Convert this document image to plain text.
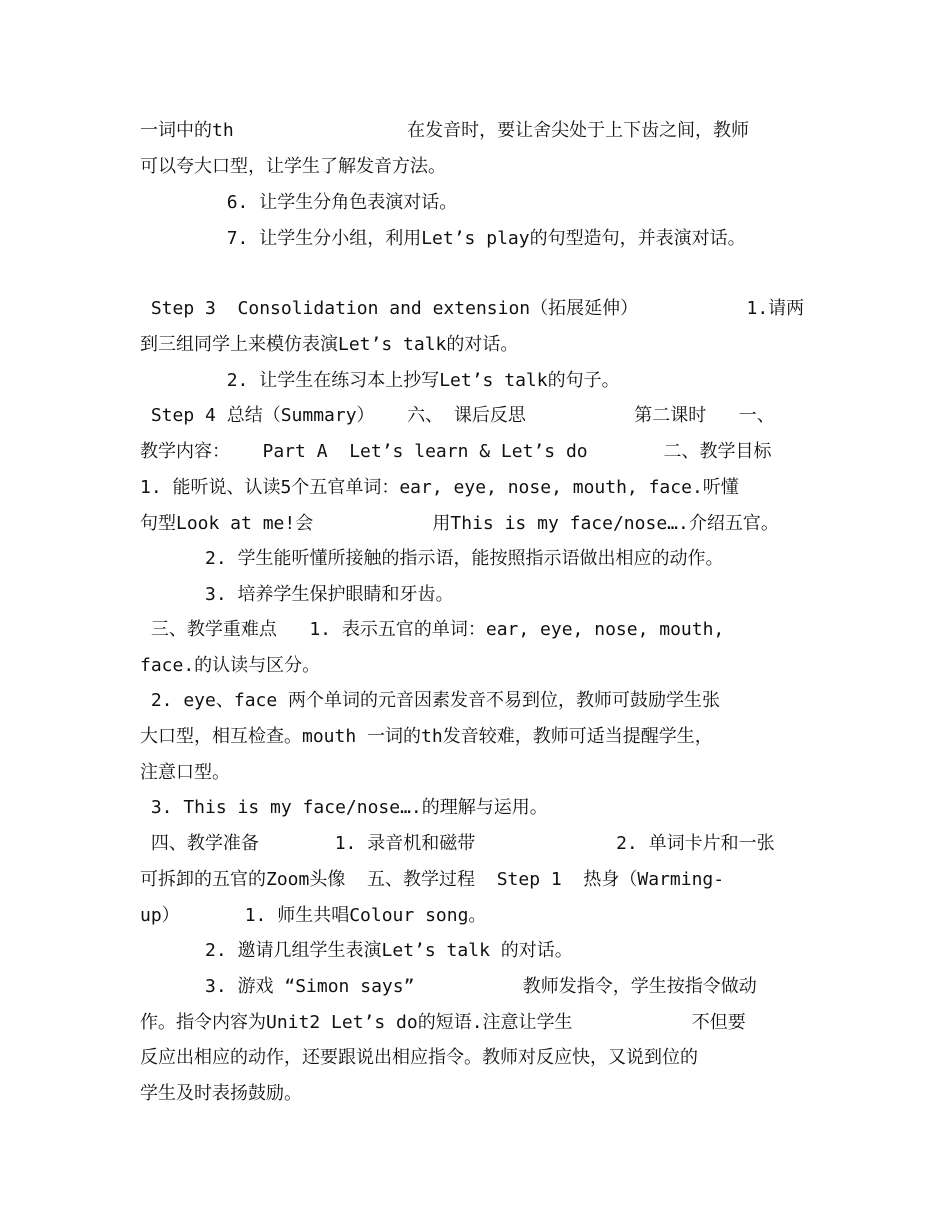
一词中的th                在发音时，要让舍尖处于上下齿之间，教师
可以夸大口型，让学生了解发音方法。
6. 让学生分角色表演对话。
7. 让学生分小组，利用Let’s play的句型造句，并表演对话。
Step 3  Consolidation and extension（拓展延伸）          1.请两
到三组同学上来模仿表演Let’s talk的对话。
2. 让学生在练习本上抄写Let’s talk的句子。
Step 4 总结（Summary）   六、 课后反思          第二课时   一、
教学内容：   Part A  Let’s learn & Let’s do       二、教学目标
1. 能听说、认读5个五官单词：ear, eye, nose, mouth, face.听懂
句型Look at me!会           用This is my face/nose….介绍五官。
2. 学生能听懂所接触的指示语，能按照指示语做出相应的动作。
3. 培养学生保护眼睛和牙齿。
三、教学重难点   1. 表示五官的单词：ear, eye, nose, mouth,
face.的认读与区分。
2. eye、face 两个单词的元音因素发音不易到位，教师可鼓励学生张
大口型，相互检查。mouth 一词的th发音较难，教师可适当提醒学生，
注意口型。
3. This is my face/nose….的理解与运用。
四、教学准备       1. 录音机和磁带             2. 单词卡片和一张
可拆卸的五官的Zoom头像  五、教学过程  Step 1  热身（Warming-
up）      1. 师生共唱Colour song。
2. 邀请几组学生表演Let’s talk 的对话。
3. 游戏 “Simon says”          教师发指令，学生按指令做动
作。指令内容为Unit2 Let’s do的短语.注意让学生           不但要
反应出相应的动作，还要跟说出相应指令。教师对反应快，又说到位的
学生及时表扬鼓励。
